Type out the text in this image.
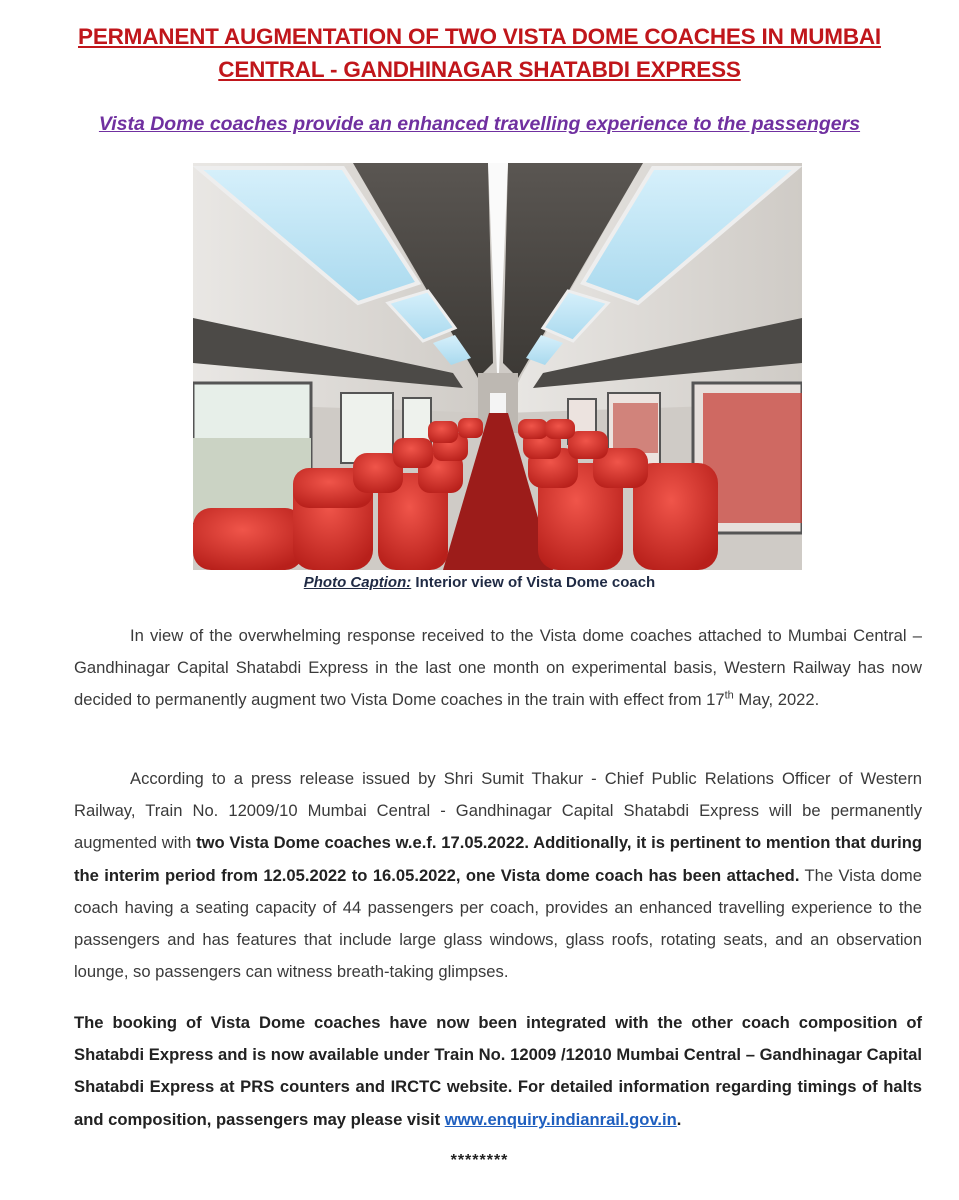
PERMANENT AUGMENTATION OF TWO VISTA DOME COACHES IN MUMBAI CENTRAL - GANDHINAGAR SHATABDI EXPRESS
Vista Dome coaches provide an enhanced travelling experience to the passengers
Photo Caption: Interior view of Vista Dome coach
In view of the overwhelming response received to the Vista dome coaches attached to Mumbai Central – Gandhinagar Capital Shatabdi Express in the last one month on experimental basis, Western Railway has now decided to permanently augment two Vista Dome coaches in the train with effect from 17th May, 2022.
According to a press release issued by Shri Sumit Thakur - Chief Public Relations Officer of Western Railway, Train No. 12009/10 Mumbai Central - Gandhinagar Capital Shatabdi Express will be permanently augmented with two Vista Dome coaches w.e.f. 17.05.2022. Additionally, it is pertinent to mention that during the interim period from 12.05.2022 to 16.05.2022, one Vista dome coach has been attached. The Vista dome coach having a seating capacity of 44 passengers per coach, provides an enhanced travelling experience to the passengers and has features that include large glass windows, glass roofs, rotating seats, and an observation lounge, so passengers can witness breath-taking glimpses.
The booking of Vista Dome coaches have now been integrated with the other coach composition of Shatabdi Express and is now available under Train No. 12009 /12010 Mumbai Central – Gandhinagar Capital Shatabdi Express at PRS counters and IRCTC website. For detailed information regarding timings of halts and composition, passengers may please visit www.enquiry.indianrail.gov.in.
********
